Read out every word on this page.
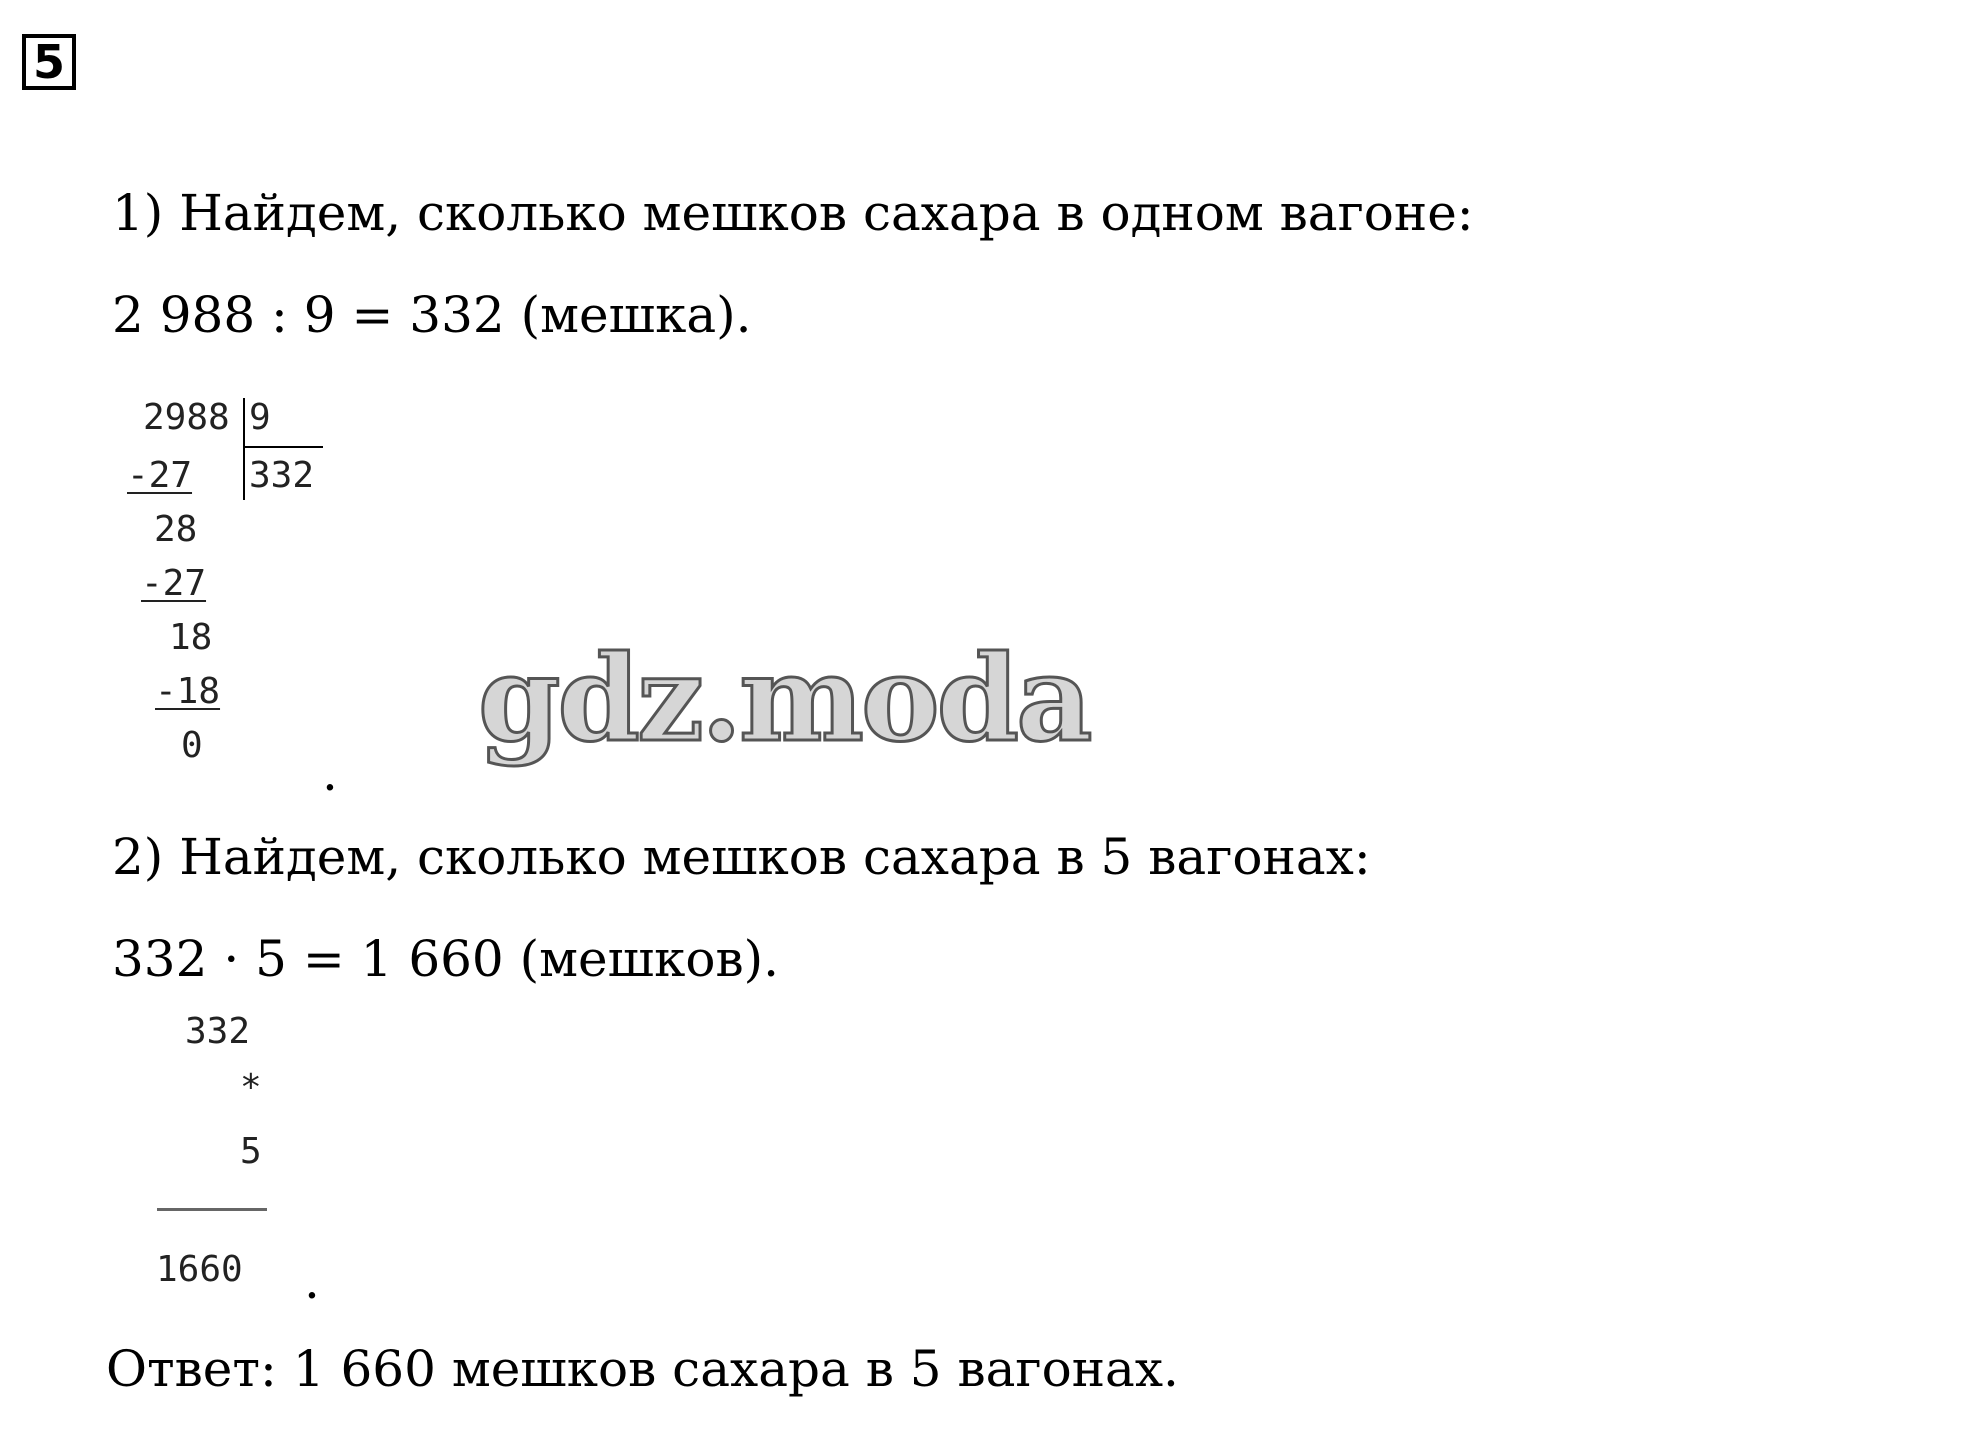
5
1) Найдем, сколько мешков сахара в одном вагоне:
2 988 : 9 = 332 (мешка).
2988 9
332
-27
28
-27
18
-18
0 .
gdz.moda
2) Найдем, сколько мешков сахара в 5 вагонах:
332 · 5 = 1 660 (мешков).
332
*
5
1660 .
Ответ: 1 660 мешков сахара в 5 вагонах.
